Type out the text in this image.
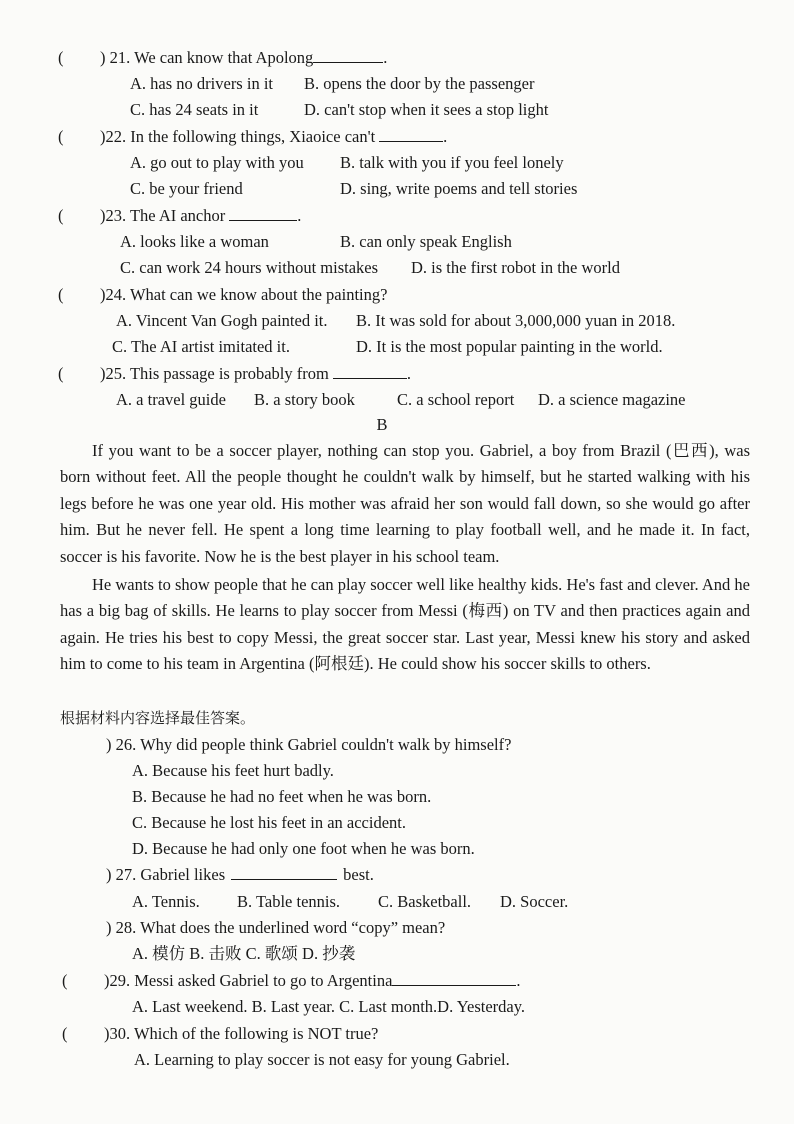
( ) 21. We can know that Apolong	.
A. has no drivers in it B. opens the door by the passenger
C. has 24 seats in it	D. can't stop when it sees a stop light
( )22. In the following things, Xiaoice can't	.
A. go out to play with you B. talk with you if you feel lonely
C. be your friend	D. sing, write poems and tell stories
( )23. The AI anchor	.
A. looks like a woman	B. can only speak English
C. can work 24 hours without mistakes D. is the first robot in the world
( )24. What can we know about the painting?
A. Vincent Van Gogh painted it. B. It was sold for about 3,000,000 yuan in 2018.
C. The AI artist imitated it.	D. It is the most popular painting in the world.
( )25. This passage is probably from	.
A. a travel guide B. a story book	C. a school report D. a science magazine
B
If you want to be a soccer player, nothing can stop you. Gabriel, a boy from Brazil (巴西), was born without feet. All the people thought he couldn't walk by himself, but he started walking with his legs before he was one year old. His mother was afraid her son would fall down, so she would go after him. But he never fell. He spent a long time learning to play football well, and he made it. In fact, soccer is his favorite. Now he is the best player in his school team.
He wants to show people that he can play soccer well like healthy kids. He's fast and clever. And he has a big bag of skills. He learns to play soccer from Messi (梅西) on TV and then practices again and again. He tries his best to copy Messi, the great soccer star. Last year, Messi knew his story and asked him to come to his team in Argentina (阿根廷). He could show his soccer skills to others.
根据材料内容选择最佳答案。
) 26. Why did people think Gabriel couldn't walk by himself?
A. Because his feet hurt badly.
B. Because he had no feet when he was born.
C. Because he lost his feet in an accident.
D. Because he had only one foot when he was born.
) 27. Gabriel likes	best.
A. Tennis. B. Table tennis. C. Basketball. D. Soccer.
) 28. What does the underlined word “copy” mean?
A. 模仿 B. 击败 C. 歌颂 D. 抄袭
( )29. Messi asked Gabriel to go to Argentina	.
A. Last weekend. B. Last year. C. Last month.D. Yesterday.
( )30. Which of the following is NOT true?
A. Learning to play soccer is not easy for young Gabriel.
